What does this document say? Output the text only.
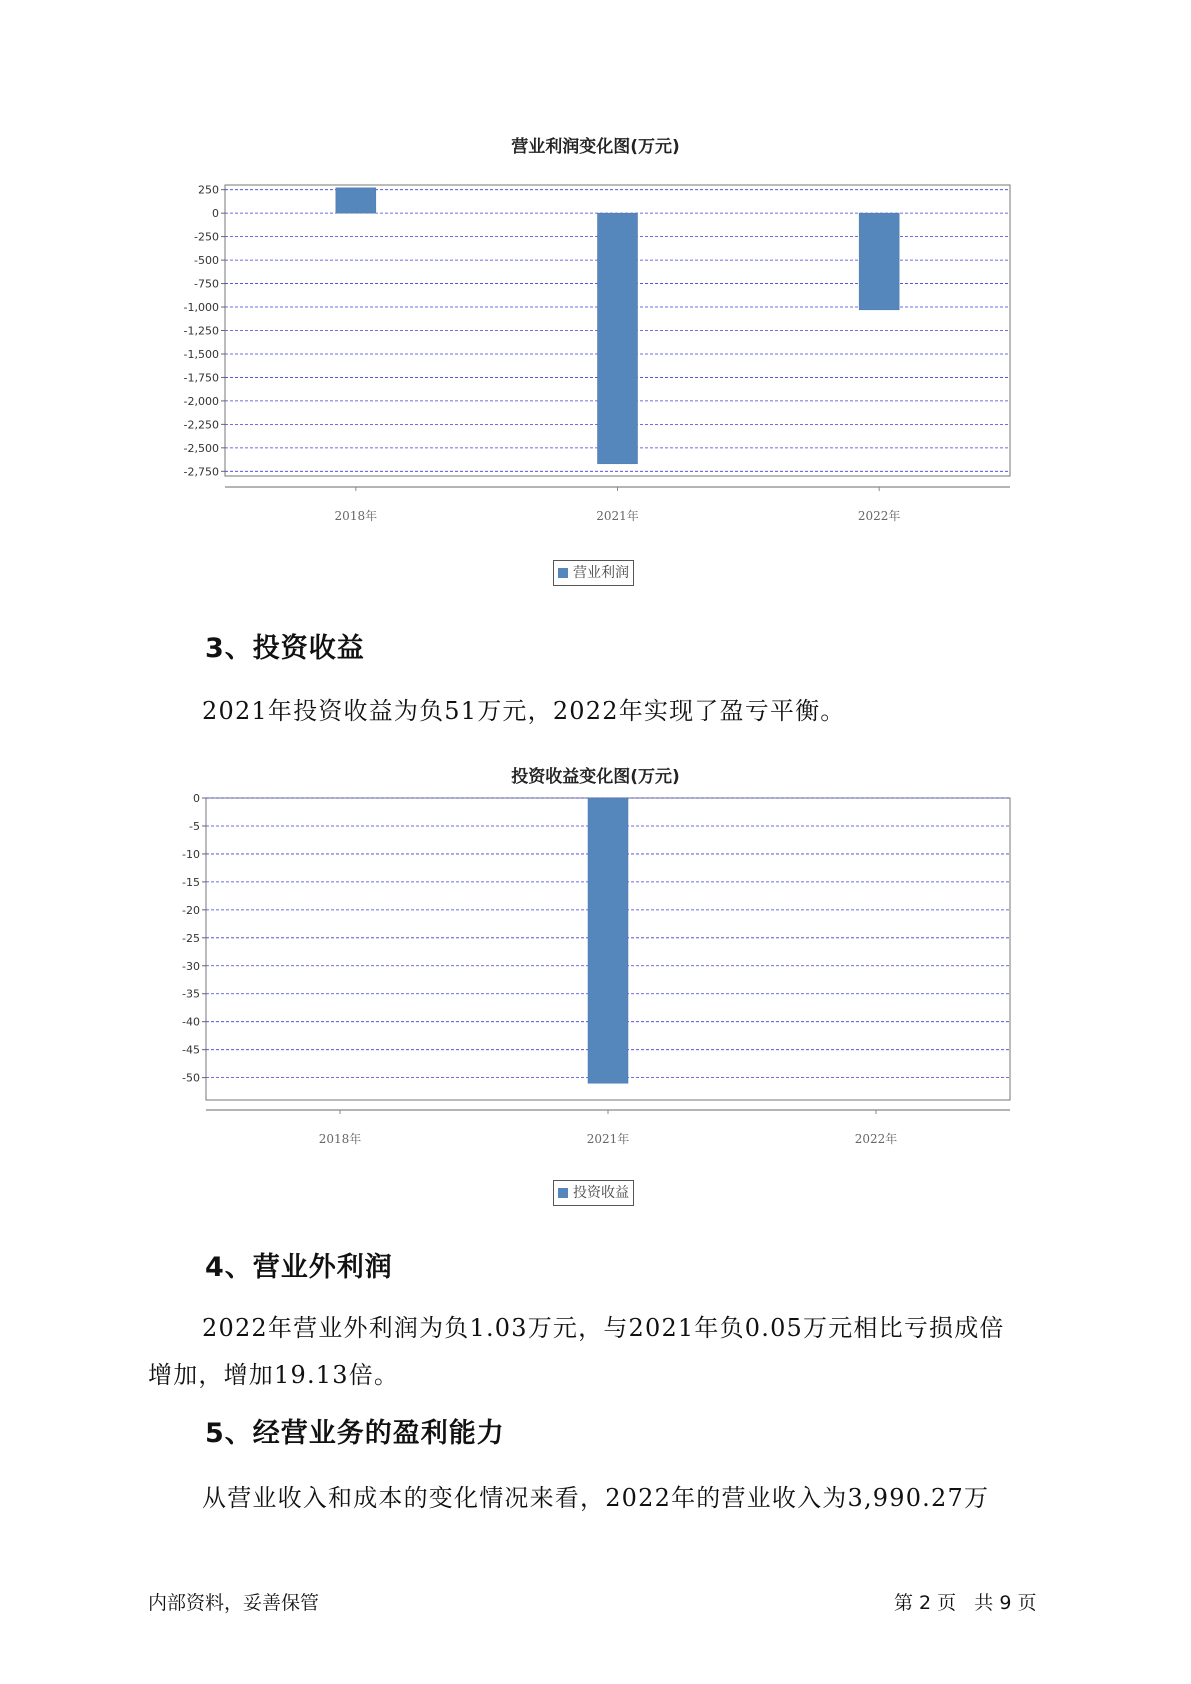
营业利润变化图(万元)
250
0
-250
-500
-750
-1,000
-1,250
-1,500
-1,750
-2,000
-2,250
-2,500
-2,750
2018年	2021年	2022年
营业利润
3、投资收益

2021年投资收益为负51万元，2022年实现了盈亏平衡。

投资收益变化图(万元)
0
-5
-10
-15
-20
-25
-30
-35
-40
-45
-50
2018年	2021年	2022年
投资收益
4、营业外利润

2022年营业外利润为负1.03万元，与2021年负0.05万元相比亏损成倍

增加，增加19.13倍。

5、经营业务的盈利能力

从营业收入和成本的变化情况来看，2022年的营业收入为3,990.27万

内部资料，妥善保管	第 2 页   共 9 页
